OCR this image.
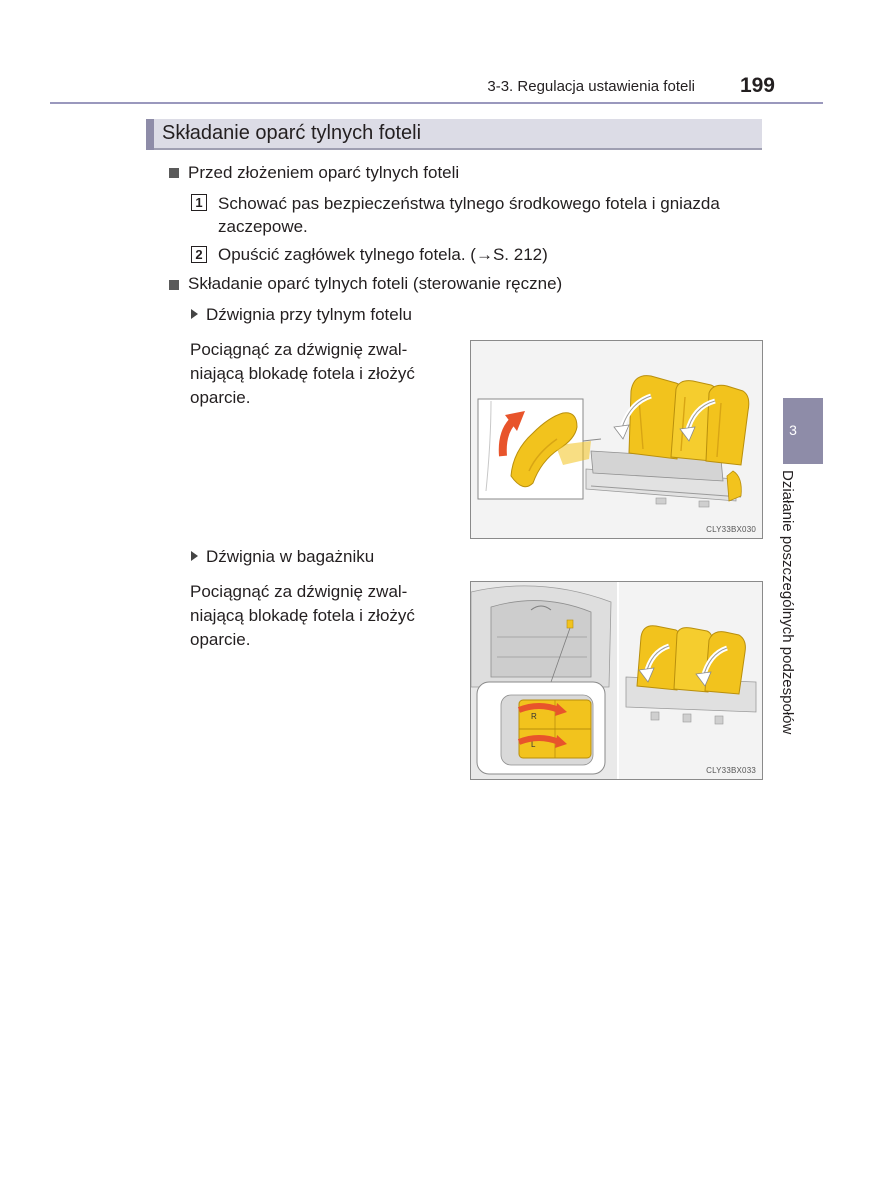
3-3. Regulacja ustawienia foteli	199
Składanie oparć tylnych foteli
Przed złożeniem oparć tylnych foteli
1 Schować pas bezpieczeństwa tylnego środkowego fotela i gniazda
zaczepowe.
2 Opuścić zagłówek tylnego fotela. (→S. 212)
Składanie oparć tylnych foteli (sterowanie ręczne)
Dźwignia przy tylnym fotelu
Pociągnąć za dźwignię zwal-
niającą blokadę fotela i złożyć
oparcie.
CLY33BX030
Dźwignia w bagażniku
Pociągnąć za dźwignię zwal-
niającą blokadę fotela i złożyć
oparcie.
R
L
CLY33BX033
3
Działanie poszczególnych podzespołów
